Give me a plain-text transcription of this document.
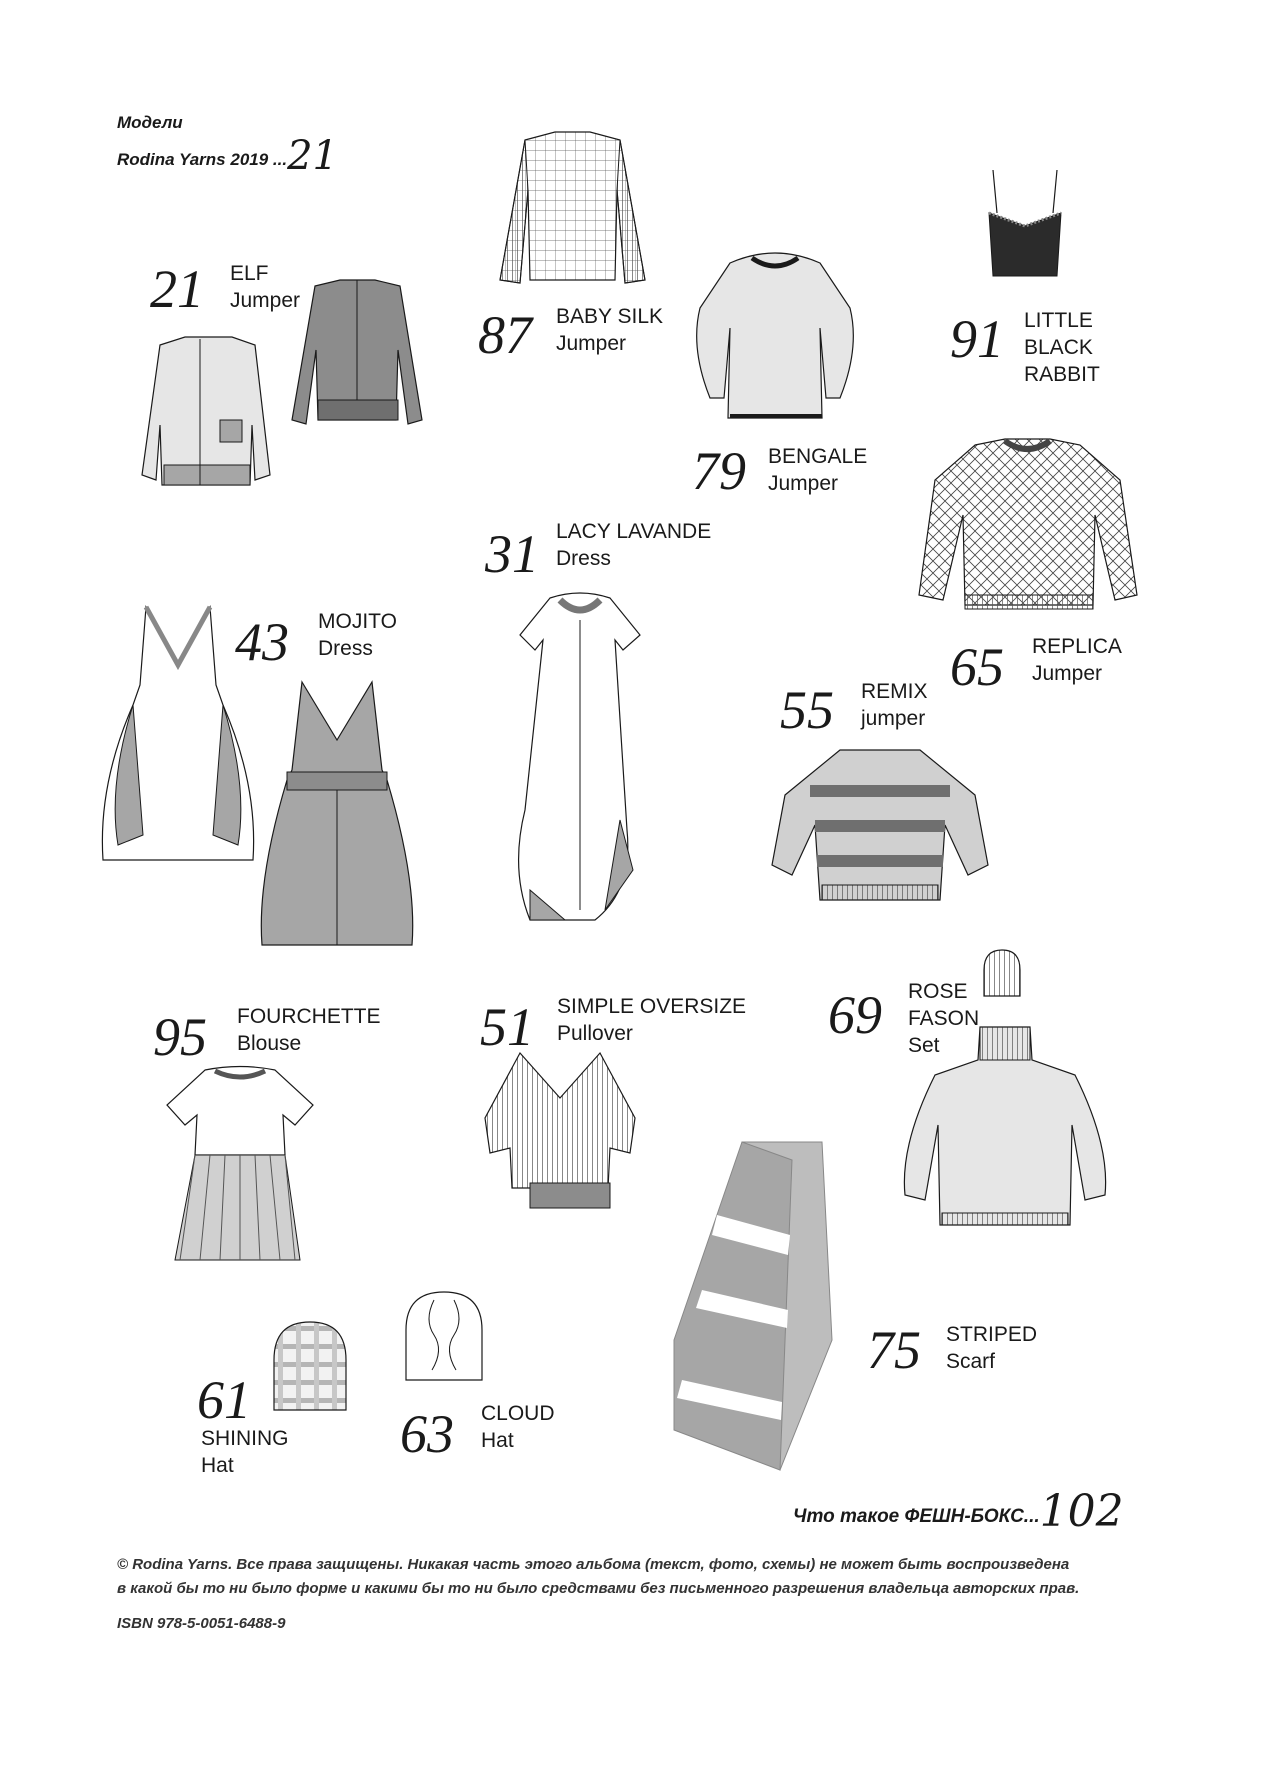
Модели
Rodina Yarns 2019 ...21
21 ELF
Jumper
87 BABY SILK
Jumper
79 BENGALE
Jumper
91 LITTLE
BLACK
RABBIT
65 REPLICA
Jumper
31 LACY LAVANDE
Dress
43 MOJITO
Dress
55 REMIX
jumper
95 FOURCHETTE
Blouse	51 SIMPLE OVERSIZE
Pullover	69 ROSE
FASON
Set
75 STRIPED
Scarf
61
SHINING
Hat
63 CLOUD
Hat
Что такое ФЕШН-БОКС...102
© Rodina Yarns. Все права защищены. Никакая часть этого альбома (текст, фото, схемы) не может быть воспроизведена
в какой бы то ни было форме и какими бы то ни было средствами без письменного разрешения владельца авторских прав.
ISBN 978-5-0051-6488-9
